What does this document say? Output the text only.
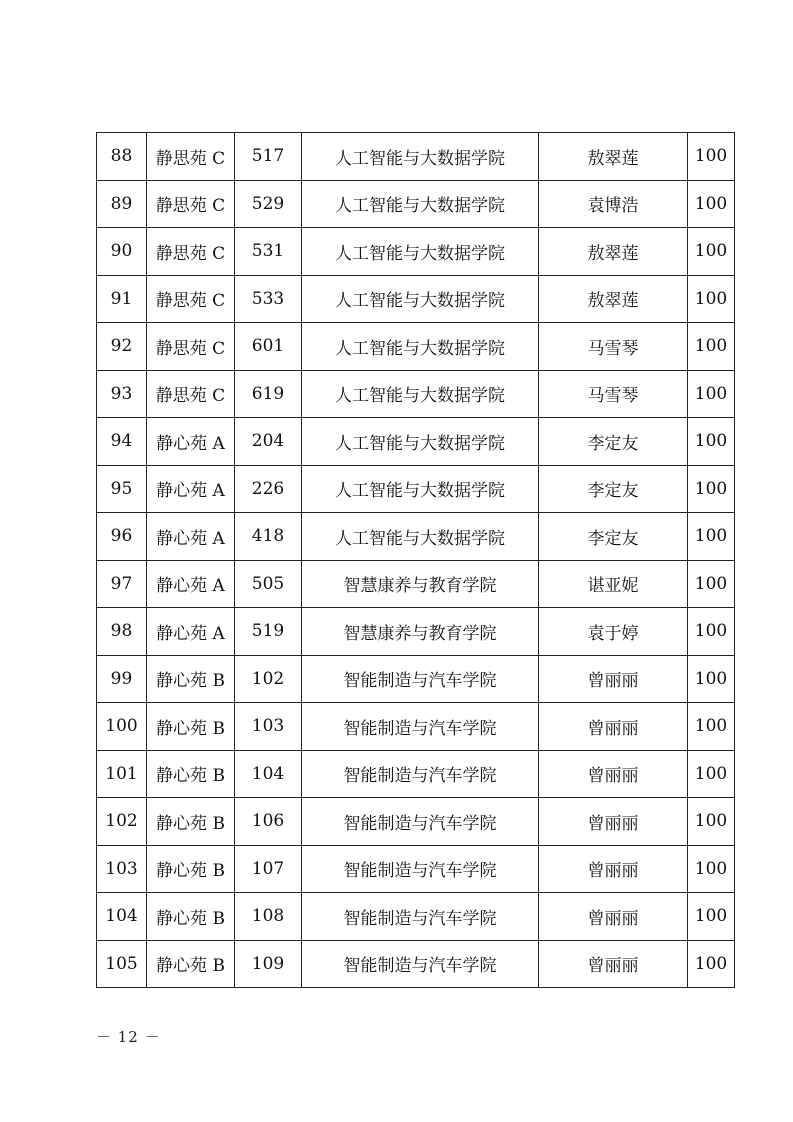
88	静思苑 C	517	人工智能与大数据学院	敖翠莲	100
89	静思苑 C	529	人工智能与大数据学院	袁博浩	100
90	静思苑 C	531	人工智能与大数据学院	敖翠莲	100
91	静思苑 C	533	人工智能与大数据学院	敖翠莲	100
92	静思苑 C	601	人工智能与大数据学院	马雪琴	100
93	静思苑 C	619	人工智能与大数据学院	马雪琴	100
94	静心苑 A	204	人工智能与大数据学院	李定友	100
95	静心苑 A	226	人工智能与大数据学院	李定友	100
96	静心苑 A	418	人工智能与大数据学院	李定友	100
97	静心苑 A	505	智慧康养与教育学院	谌亚妮	100
98	静心苑 A	519	智慧康养与教育学院	袁于婷	100
99	静心苑 B	102	智能制造与汽车学院	曾丽丽	100
100	静心苑 B	103	智能制造与汽车学院	曾丽丽	100
101	静心苑 B	104	智能制造与汽车学院	曾丽丽	100
102	静心苑 B	106	智能制造与汽车学院	曾丽丽	100
103	静心苑 B	107	智能制造与汽车学院	曾丽丽	100
104	静心苑 B	108	智能制造与汽车学院	曾丽丽	100
105	静心苑 B	109	智能制造与汽车学院	曾丽丽	100
－ 12 －
